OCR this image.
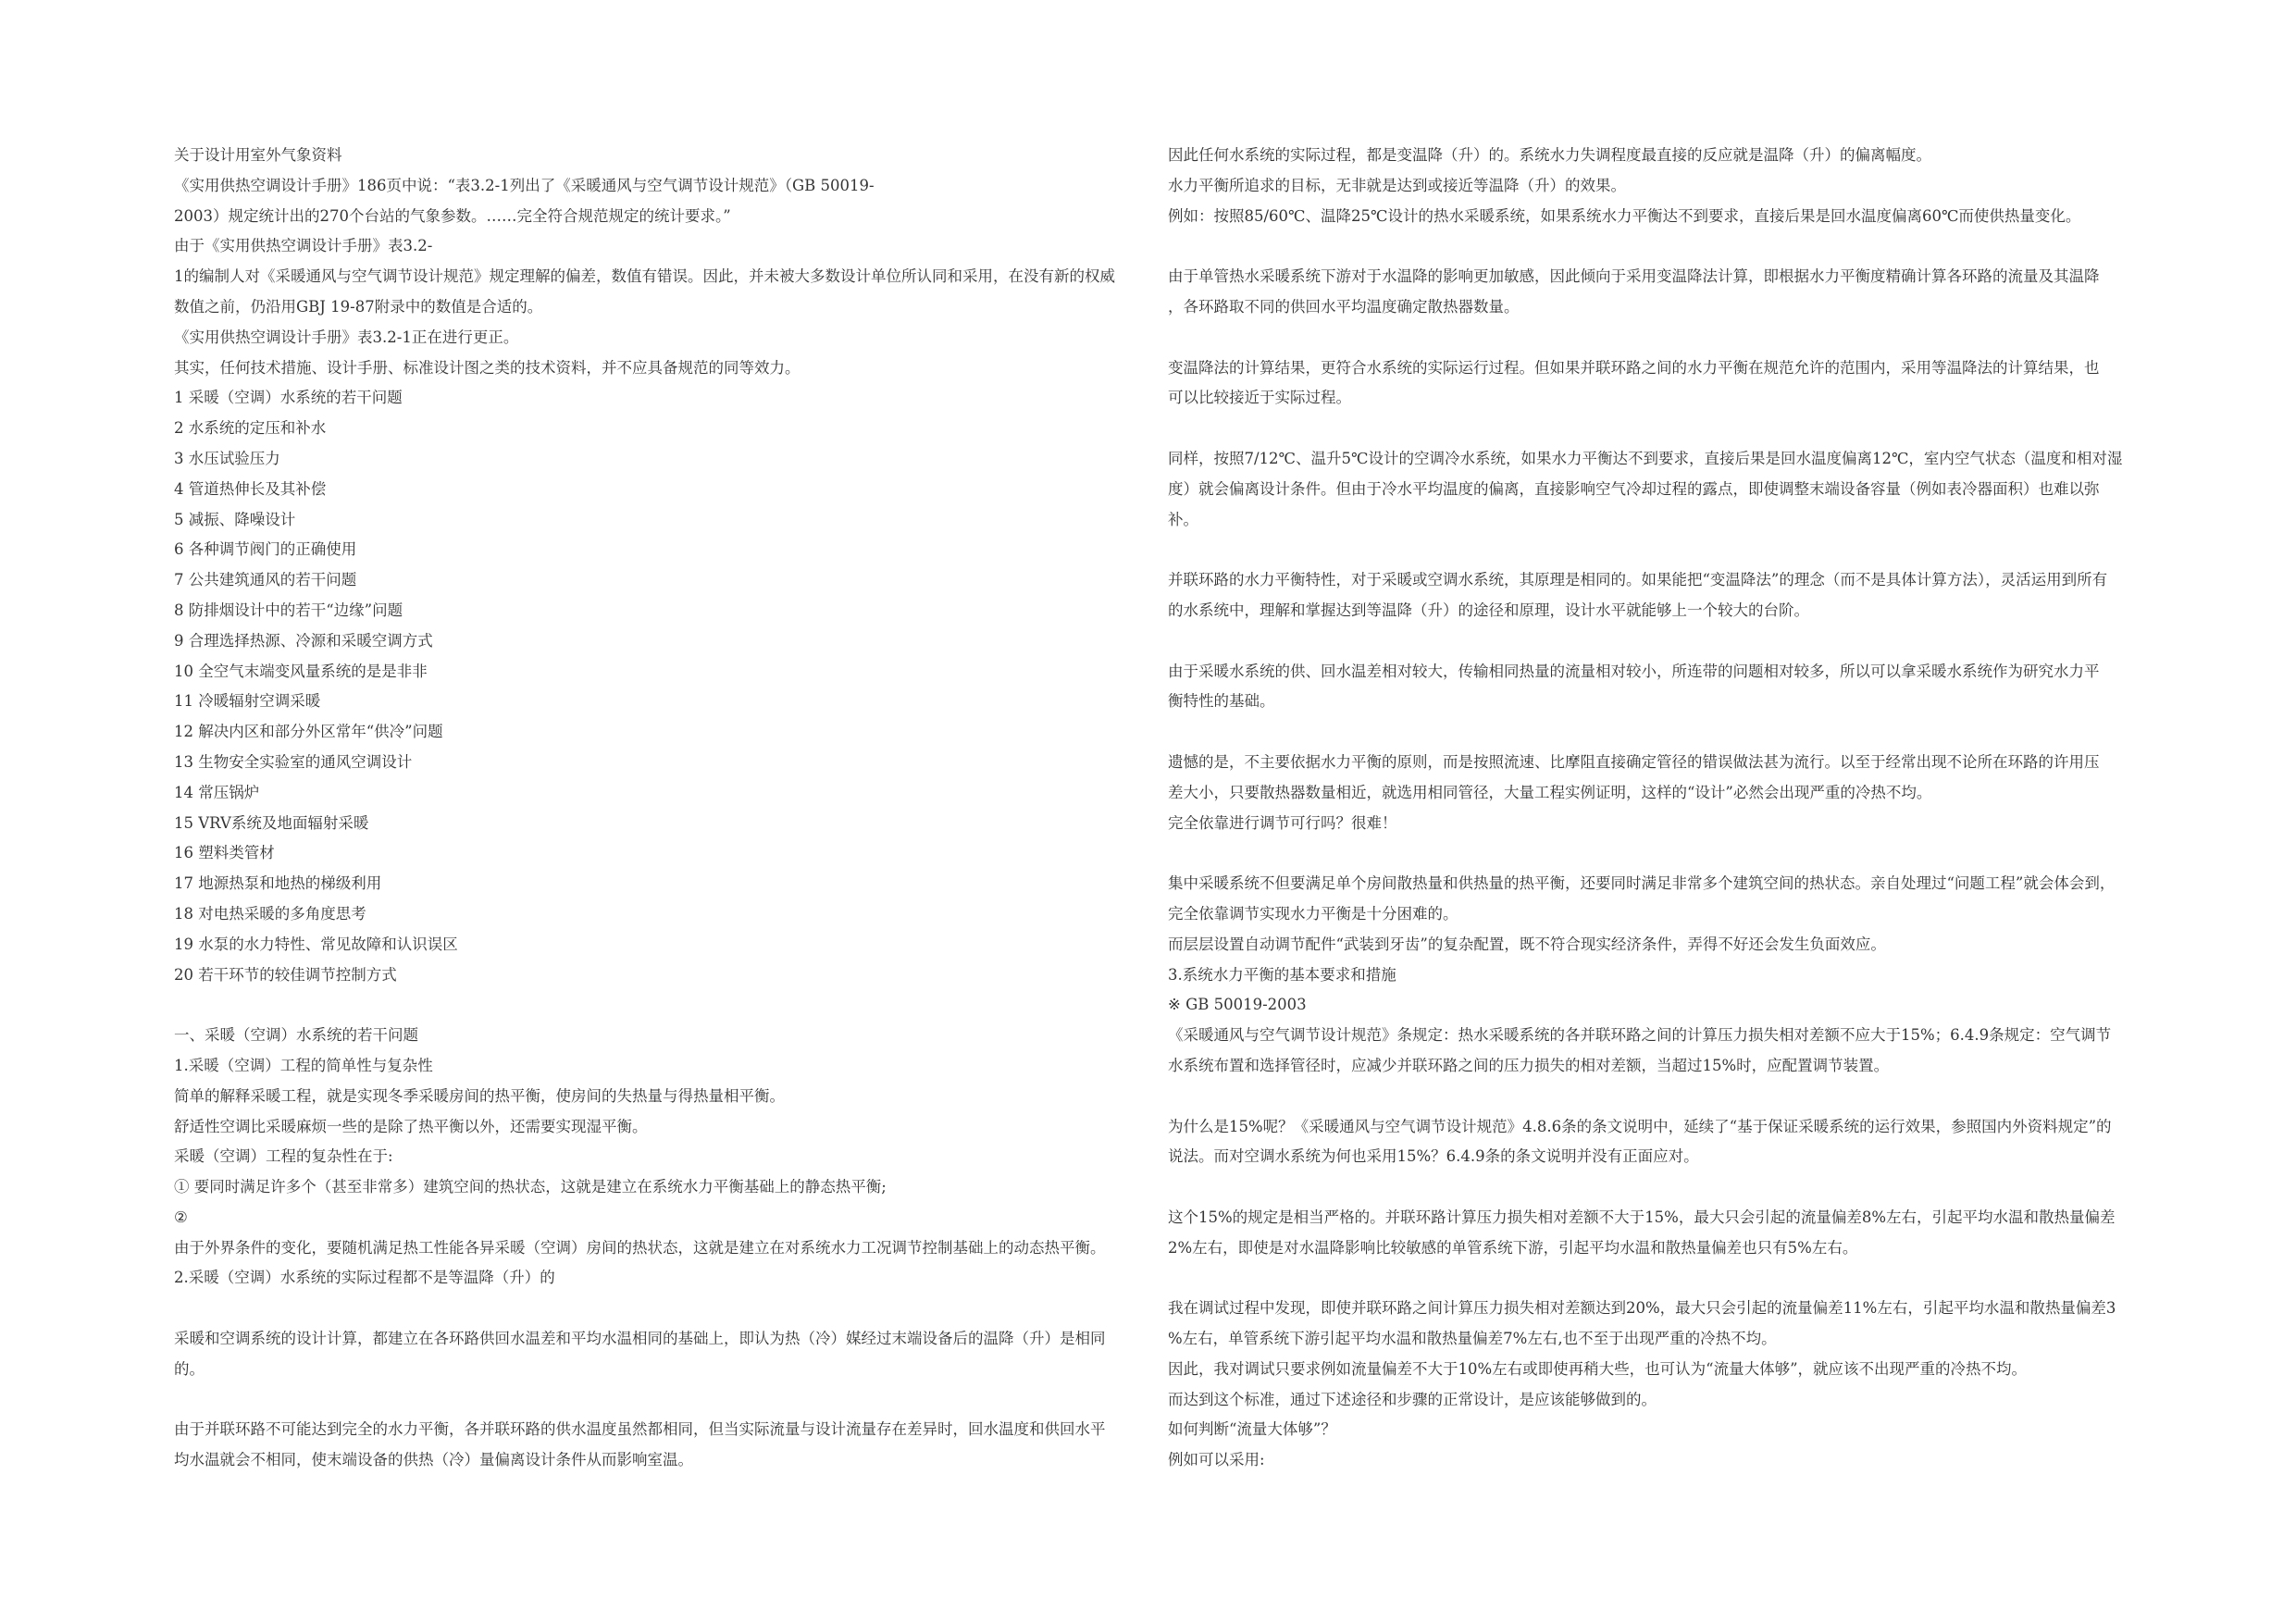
关于设计用室外气象资料
《实用供热空调设计手册》186页中说：“表3.2-1列出了《采暖通风与空气调节设计规范》（GB 50019-
2003）规定统计出的270个台站的气象参数。……完全符合规范规定的统计要求。”
由于《实用供热空调设计手册》表3.2-
1的编制人对《采暖通风与空气调节设计规范》规定理解的偏差，数值有错误。因此，并未被大多数设计单位所认同和采用，在没有新的权威
数值之前，仍沿用GBJ 19-87附录中的数值是合适的。
《实用供热空调设计手册》表3.2-1正在进行更正。
其实，任何技术措施、设计手册、标准设计图之类的技术资料，并不应具备规范的同等效力。
1 采暖（空调）水系统的若干问题
2 水系统的定压和补水
3 水压试验压力
4 管道热伸长及其补偿
5 减振、降噪设计
6 各种调节阀门的正确使用
7 公共建筑通风的若干问题
8 防排烟设计中的若干“边缘”问题
9 合理选择热源、冷源和采暖空调方式
10 全空气末端变风量系统的是是非非
11 冷暖辐射空调采暖
12 解决内区和部分外区常年“供冷”问题
13 生物安全实验室的通风空调设计
14 常压锅炉
15 VRV系统及地面辐射采暖
16 塑料类管材
17 地源热泵和地热的梯级利用
18 对电热采暖的多角度思考
19 水泵的水力特性、常见故障和认识误区
20 若干环节的较佳调节控制方式
一、采暖（空调）水系统的若干问题
1.采暖（空调）工程的简单性与复杂性
简单的解释采暖工程，就是实现冬季采暖房间的热平衡，使房间的失热量与得热量相平衡。
舒适性空调比采暖麻烦一些的是除了热平衡以外，还需要实现湿平衡。
采暖（空调）工程的复杂性在于:
① 要同时满足许多个（甚至非常多）建筑空间的热状态，这就是建立在系统水力平衡基础上的静态热平衡;
②
由于外界条件的变化，要随机满足热工性能各异采暖（空调）房间的热状态，这就是建立在对系统水力工况调节控制基础上的动态热平衡。
2.采暖（空调）水系统的实际过程都不是等温降（升）的
采暖和空调系统的设计计算，都建立在各环路供回水温差和平均水温相同的基础上，即认为热（冷）媒经过末端设备后的温降（升）是相同
的。
由于并联环路不可能达到完全的水力平衡，各并联环路的供水温度虽然都相同，但当实际流量与设计流量存在差异时，回水温度和供回水平
均水温就会不相同，使末端设备的供热（冷）量偏离设计条件从而影响室温。
因此任何水系统的实际过程，都是变温降（升）的。系统水力失调程度最直接的反应就是温降（升）的偏离幅度。
水力平衡所追求的目标，无非就是达到或接近等温降（升）的效果。
例如：按照85/60℃、温降25℃设计的热水采暖系统，如果系统水力平衡达不到要求，直接后果是回水温度偏离60℃而使供热量变化。
由于单管热水采暖系统下游对于水温降的影响更加敏感，因此倾向于采用变温降法计算，即根据水力平衡度精确计算各环路的流量及其温降
，各环路取不同的供回水平均温度确定散热器数量。
变温降法的计算结果，更符合水系统的实际运行过程。但如果并联环路之间的水力平衡在规范允许的范围内，采用等温降法的计算结果，也
可以比较接近于实际过程。
同样，按照7/12℃、温升5℃设计的空调冷水系统，如果水力平衡达不到要求，直接后果是回水温度偏离12℃，室内空气状态（温度和相对湿
度）就会偏离设计条件。但由于冷水平均温度的偏离，直接影响空气冷却过程的露点，即使调整末端设备容量（例如表冷器面积）也难以弥
补。
并联环路的水力平衡特性，对于采暖或空调水系统，其原理是相同的。如果能把“变温降法”的理念（而不是具体计算方法），灵活运用到所有
的水系统中，理解和掌握达到等温降（升）的途径和原理，设计水平就能够上一个较大的台阶。
由于采暖水系统的供、回水温差相对较大，传输相同热量的流量相对较小，所连带的问题相对较多，所以可以拿采暖水系统作为研究水力平
衡特性的基础。
遗憾的是，不主要依据水力平衡的原则，而是按照流速、比摩阻直接确定管径的错误做法甚为流行。以至于经常出现不论所在环路的许用压
差大小，只要散热器数量相近，就选用相同管径，大量工程实例证明，这样的“设计”必然会出现严重的冷热不均。
完全依靠进行调节可行吗？很难！
集中采暖系统不但要满足单个房间散热量和供热量的热平衡，还要同时满足非常多个建筑空间的热状态。亲自处理过“问题工程”就会体会到，
完全依靠调节实现水力平衡是十分困难的。
而层层设置自动调节配件“武装到牙齿”的复杂配置，既不符合现实经济条件，弄得不好还会发生负面效应。
3.系统水力平衡的基本要求和措施
※ GB 50019-2003
《采暖通风与空气调节设计规范》条规定：热水采暖系统的各并联环路之间的计算压力损失相对差额不应大于15%；6.4.9条规定：空气调节
水系统布置和选择管径时，应减少并联环路之间的压力损失的相对差额，当超过15%时，应配置调节装置。
为什么是15%呢？《采暖通风与空气调节设计规范》4.8.6条的条文说明中，延续了“基于保证采暖系统的运行效果，参照国内外资料规定”的
说法。而对空调水系统为何也采用15%？6.4.9条的条文说明并没有正面应对。
这个15%的规定是相当严格的。并联环路计算压力损失相对差额不大于15%，最大只会引起的流量偏差8%左右，引起平均水温和散热量偏差
2%左右，即使是对水温降影响比较敏感的单管系统下游，引起平均水温和散热量偏差也只有5%左右。
我在调试过程中发现，即使并联环路之间计算压力损失相对差额达到20%，最大只会引起的流量偏差11%左右，引起平均水温和散热量偏差3
%左右，单管系统下游引起平均水温和散热量偏差7%左右,也不至于出现严重的冷热不均。
因此，我对调试只要求例如流量偏差不大于10%左右或即使再稍大些，也可认为“流量大体够”，就应该不出现严重的冷热不均。
而达到这个标准，通过下述途径和步骤的正常设计，是应该能够做到的。
如何判断“流量大体够”？
例如可以采用:
